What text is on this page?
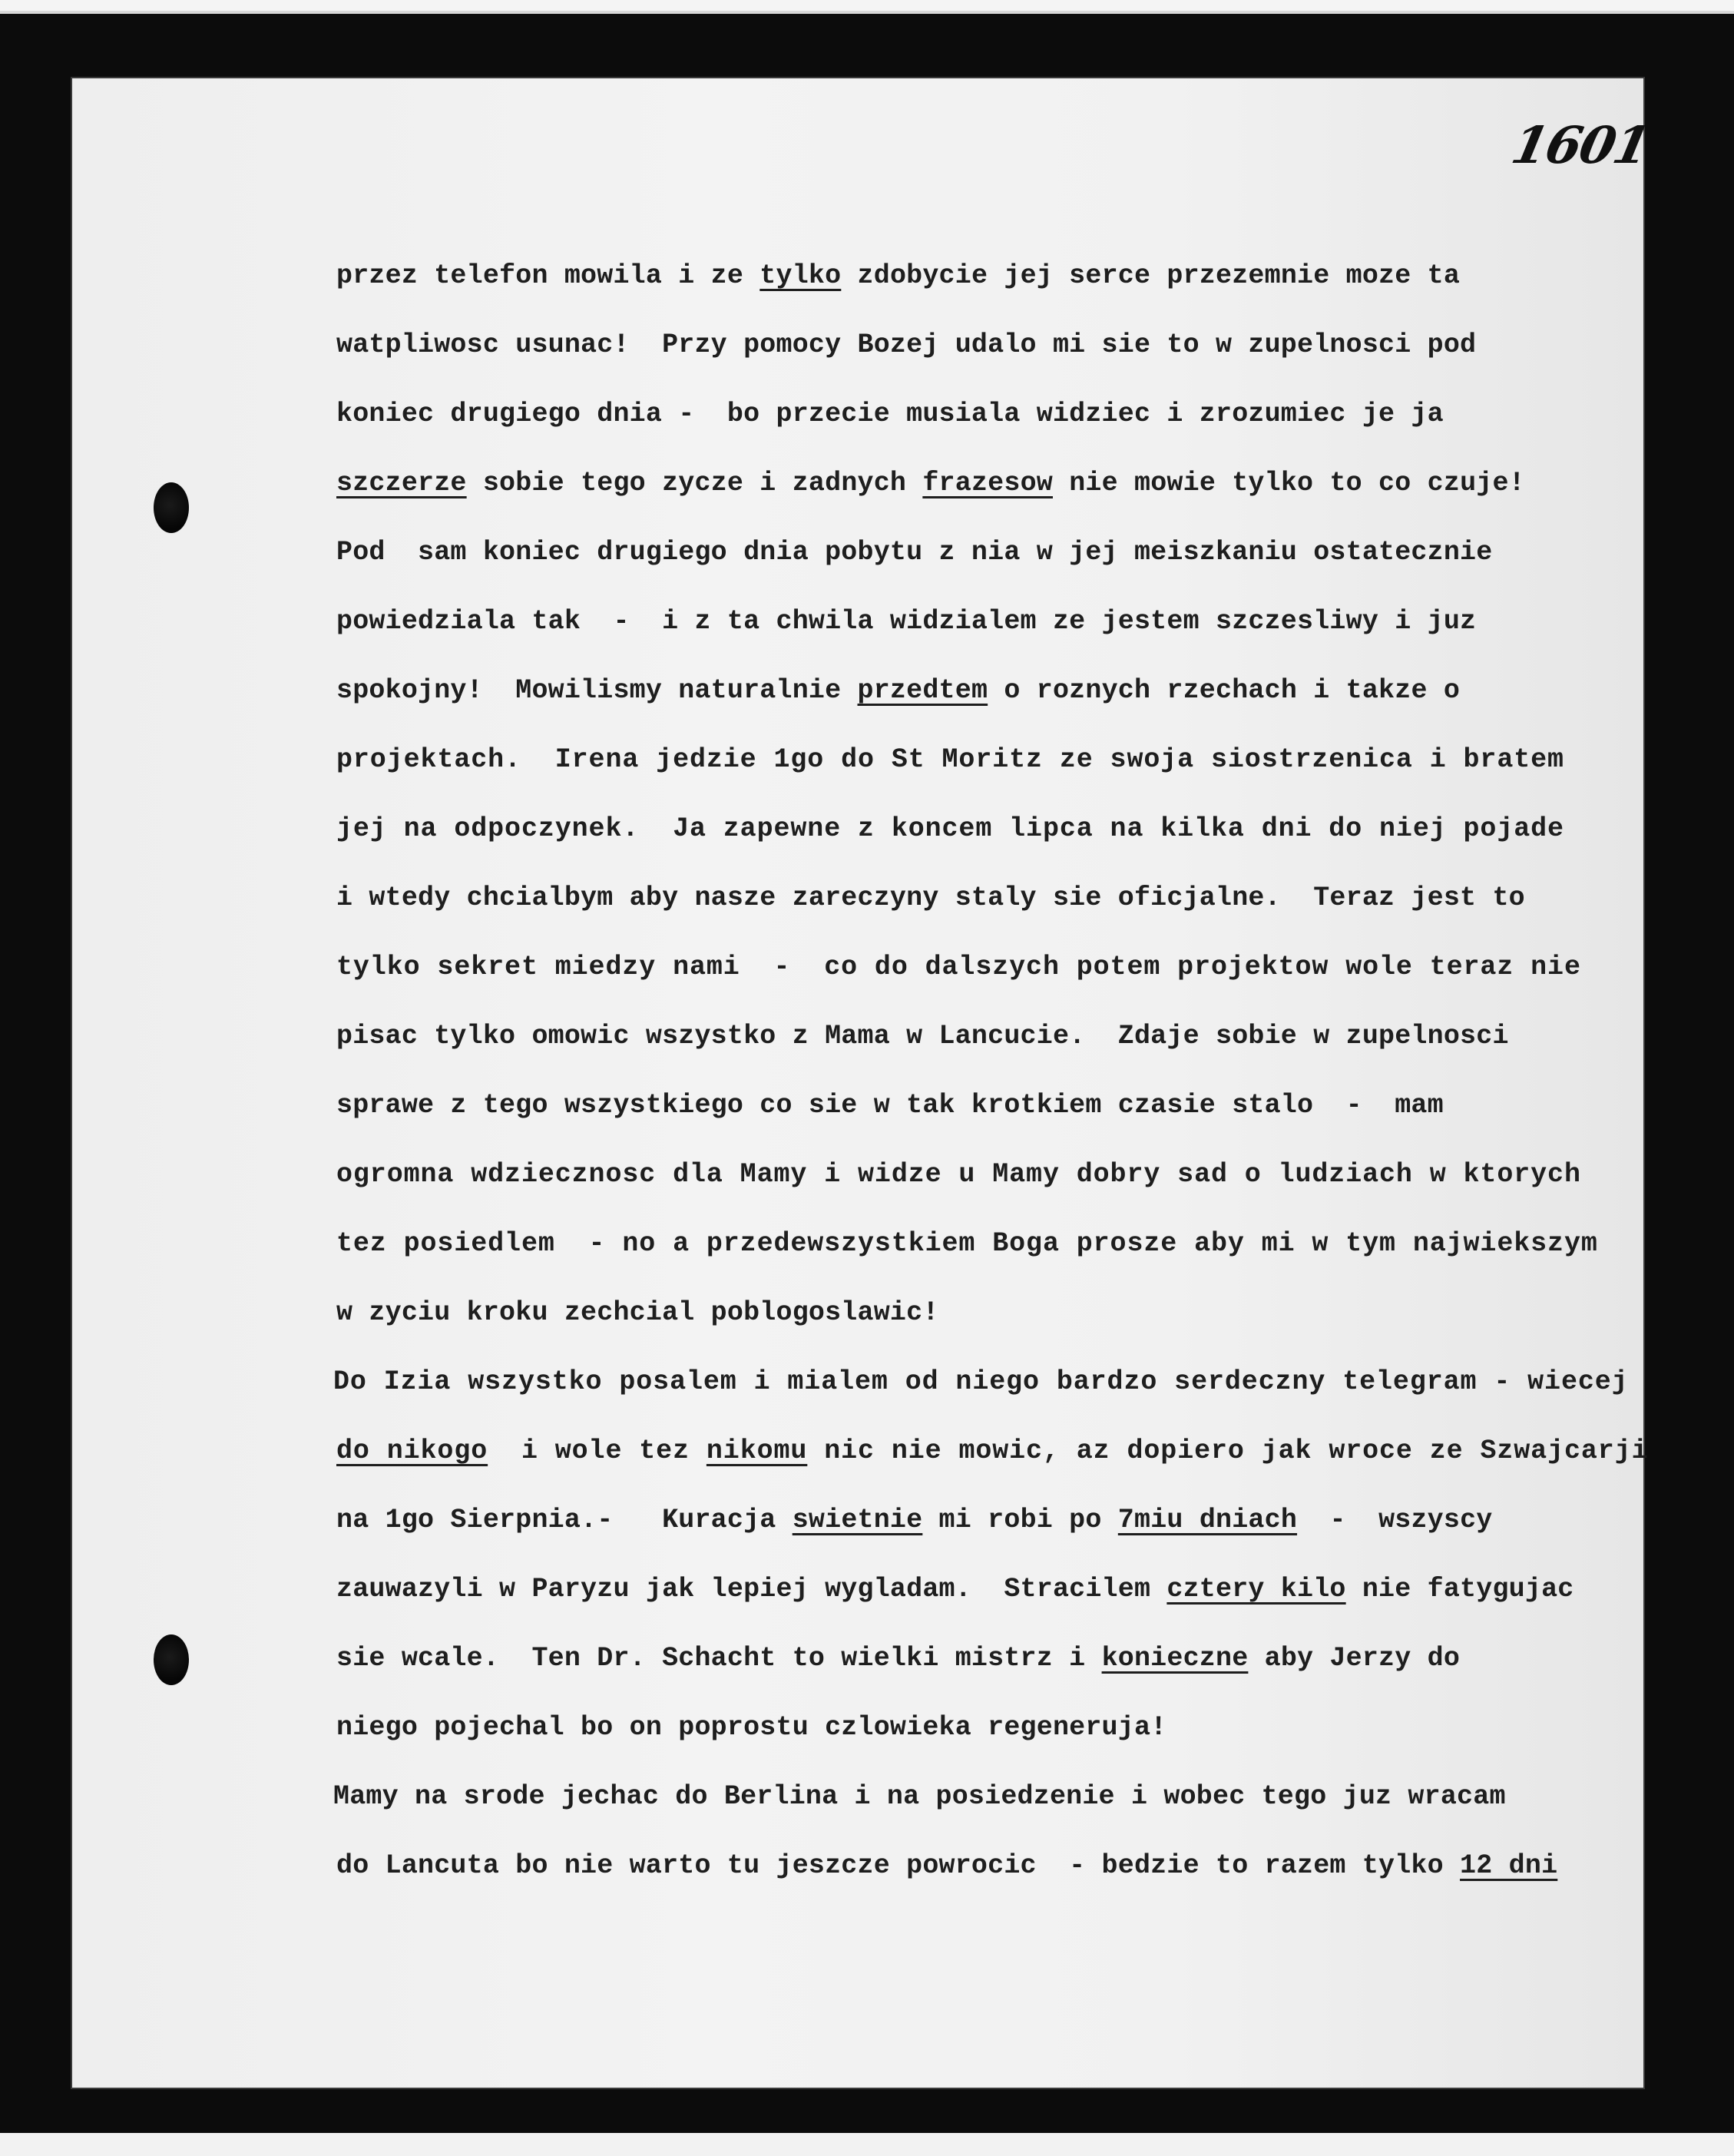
1601
przez telefon mowila i ze tylko zdobycie jej serce przezemnie moze ta
watpliwosc usunac!  Przy pomocy Bozej udalo mi sie to w zupelnosci pod
koniec drugiego dnia -  bo przecie musiala widziec i zrozumiec je ja
szczerze sobie tego zycze i zadnych frazesow nie mowie tylko to co czuje!
Pod  sam koniec drugiego dnia pobytu z nia w jej meiszkaniu ostatecznie
powiedziala tak  -  i z ta chwila widzialem ze jestem szczesliwy i juz
spokojny!  Mowilismy naturalnie przedtem o roznych rzechach i takze o
projektach.  Irena jedzie 1go do St Moritz ze swoja siostrzenica i bratem
jej na odpoczynek.  Ja zapewne z koncem lipca na kilka dni do niej pojade
i wtedy chcialbym aby nasze zareczyny staly sie oficjalne.  Teraz jest to
tylko sekret miedzy nami  -  co do dalszych potem projektow wole teraz nie
pisac tylko omowic wszystko z Mama w Lancucie.  Zdaje sobie w zupelnosci
sprawe z tego wszystkiego co sie w tak krotkiem czasie stalo  -  mam
ogromna wdziecznosc dla Mamy i widze u Mamy dobry sad o ludziach w ktorych
tez posiedlem  - no a przedewszystkiem Boga prosze aby mi w tym najwiekszym
w zyciu kroku zechcial poblogoslawic!
Do Izia wszystko posalem i mialem od niego bardzo serdeczny telegram - wiecej
do nikogo  i wole tez nikomu nic nie mowic, az dopiero jak wroce ze Szwajcarji
na 1go Sierpnia.-   Kuracja swietnie mi robi po 7miu dniach  -  wszyscy
zauwazyli w Paryzu jak lepiej wygladam.  Stracilem cztery kilo nie fatygujac
sie wcale.  Ten Dr. Schacht to wielki mistrz i konieczne aby Jerzy do
niego pojechal bo on poprostu czlowieka regeneruja!
Mamy na srode jechac do Berlina i na posiedzenie i wobec tego juz wracam
do Lancuta bo nie warto tu jeszcze powrocic  - bedzie to razem tylko 12 dni
